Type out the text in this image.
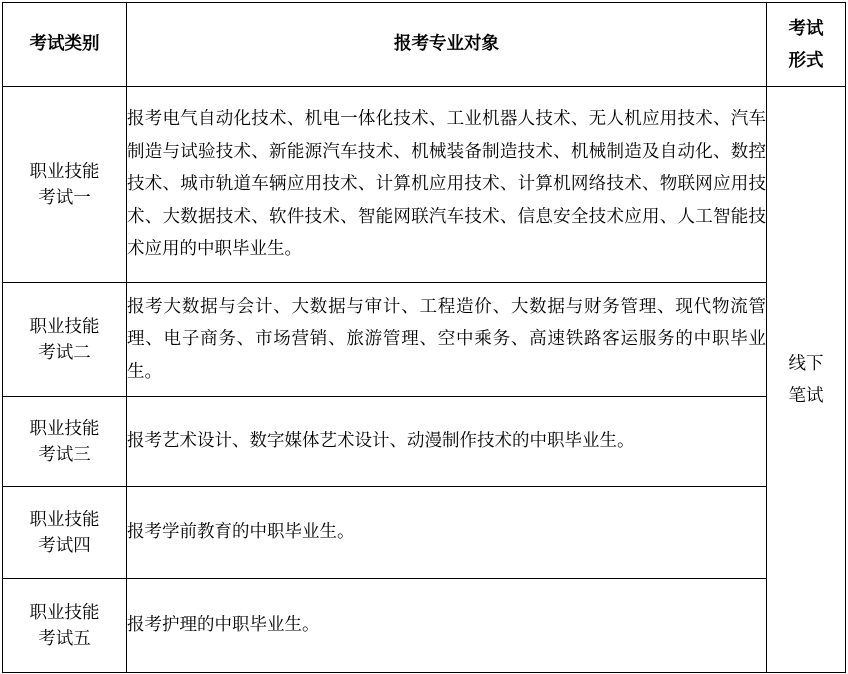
考试类别	报考专业对象	考试
形式

职业技能
考试一	报考电气自动化技术、机电一体化技术、工业机器人技术、无人机应用技术、汽车制造与试验技术、新能源汽车技术、机械装备制造技术、机械制造及自动化、数控技术、城市轨道车辆应用技术、计算机应用技术、计算机网络技术、物联网应用技术、大数据技术、软件技术、智能网联汽车技术、信息安全技术应用、人工智能技术应用的中职毕业生。	线下
笔试

职业技能
考试二	报考大数据与会计、大数据与审计、工程造价、大数据与财务管理、现代物流管理、电子商务、市场营销、旅游管理、空中乘务、高速铁路客运服务的中职毕业生。	

职业技能
考试三	报考艺术设计、数字媒体艺术设计、动漫制作技术的中职毕业生。	

职业技能
考试四	报考学前教育的中职毕业生。	

职业技能
考试五	报考护理的中职毕业生。	
